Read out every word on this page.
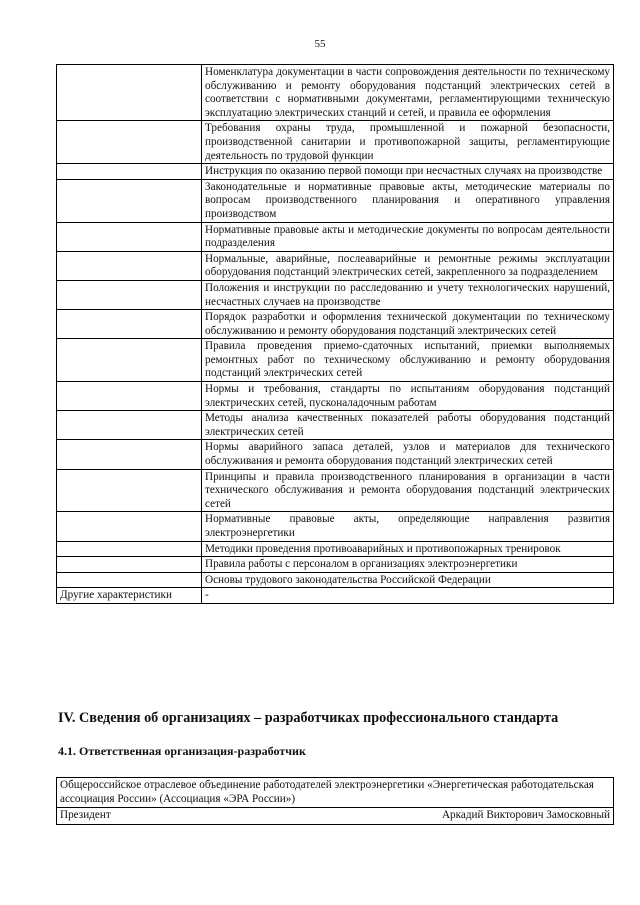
55
	Номенклатура документации в части сопровождения деятельности по техническому обслуживанию и ремонту оборудования подстанций электрических сетей в соответствии с нормативными документами, регламентирующими техническую эксплуатацию электрических станций и сетей, и правила ее оформления
	Требования охраны труда, промышленной и пожарной безопасности, производственной санитарии и противопожарной защиты, регламентирующие деятельность по трудовой функции
	Инструкция по оказанию первой помощи при несчастных случаях на производстве
	Законодательные и нормативные правовые акты, методические материалы по вопросам производственного планирования и оперативного управления производством
	Нормативные правовые акты и методические документы по вопросам деятельности подразделения
	Нормальные, аварийные, послеаварийные и ремонтные режимы эксплуатации оборудования подстанций электрических сетей, закрепленного за подразделением
	Положения и инструкции по расследованию и учету технологических нарушений, несчастных случаев на производстве
	Порядок разработки и оформления технической документации по техническому обслуживанию и ремонту оборудования подстанций электрических сетей
	Правила проведения приемо-сдаточных испытаний, приемки выполняемых ремонтных работ по техническому обслуживанию и ремонту оборудования подстанций электрических сетей
	Нормы и требования, стандарты по испытаниям оборудования подстанций электрических сетей, пусконаладочным работам
	Методы анализа качественных показателей работы оборудования подстанций электрических сетей
	Нормы аварийного запаса деталей, узлов и материалов для технического обслуживания и ремонта оборудования подстанций электрических сетей
	Принципы и правила производственного планирования в организации в части технического обслуживания и ремонта оборудования подстанций электрических сетей
	Нормативные правовые акты, определяющие направления развития электроэнергетики
	Методики проведения противоаварийных и противопожарных тренировок
	Правила работы с персоналом в организациях электроэнергетики
	Основы трудового законодательства Российской Федерации
Другие характеристики	-
IV. Сведения об организациях – разработчиках профессионального стандарта
4.1. Ответственная организация-разработчик
Общероссийское отраслевое объединение работодателей электроэнергетики «Энергетическая работодательская ассоциация России» (Ассоциация «ЭРА России»)

Президент	Аркадий Викторович Замосковный
